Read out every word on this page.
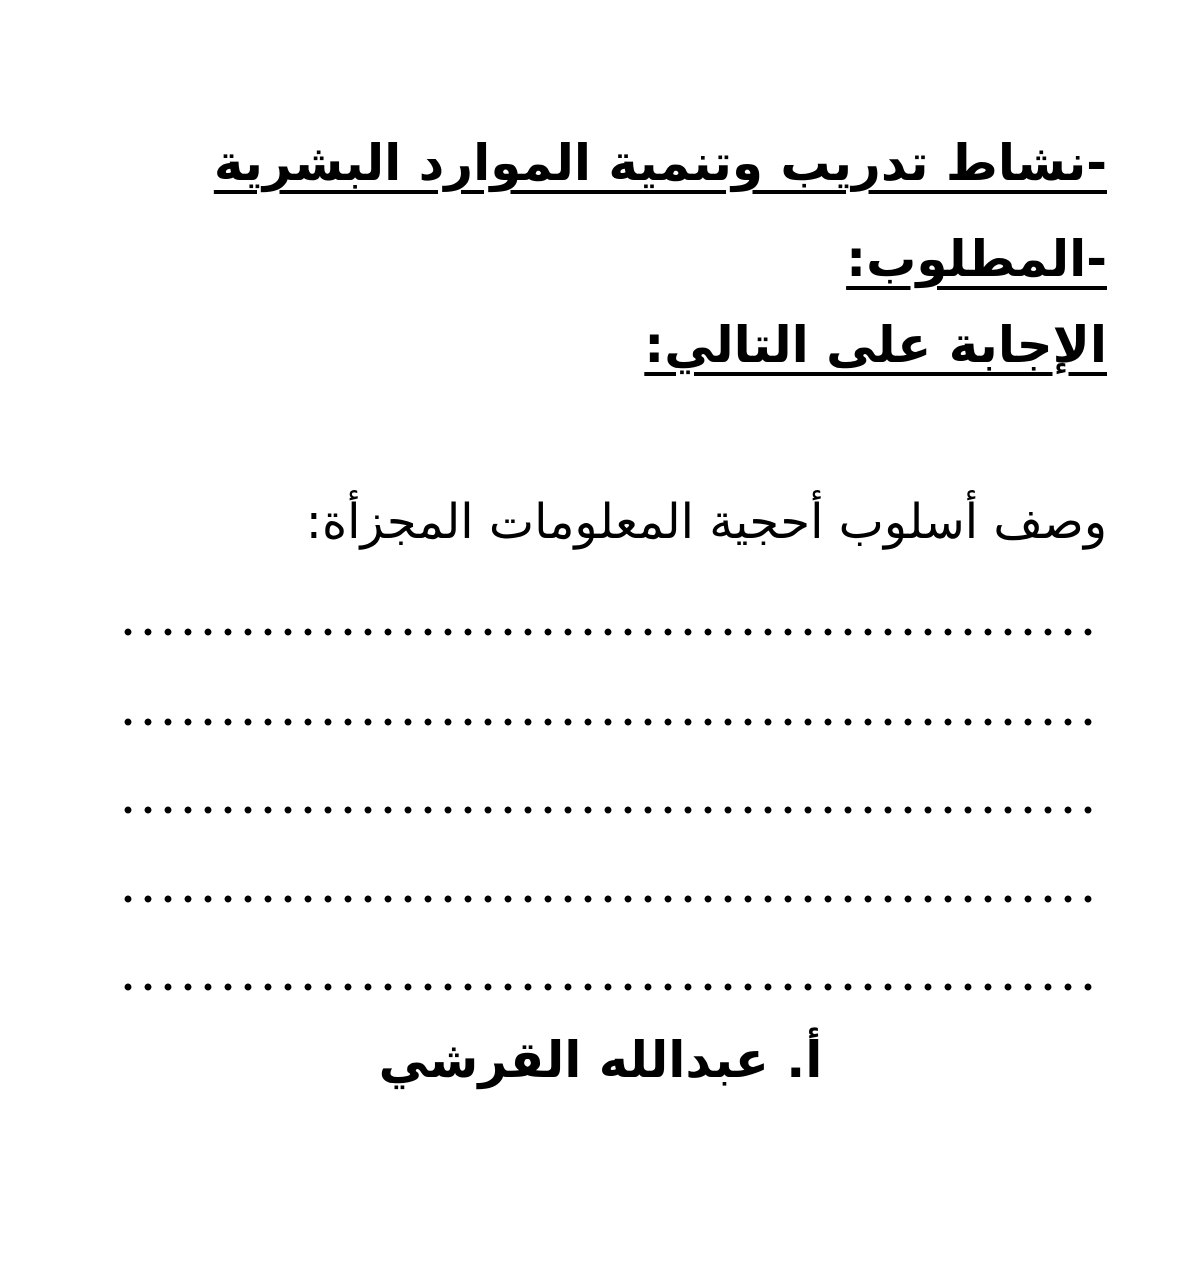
-نشاط تدريب وتنمية الموارد البشرية
-المطلوب:
الإجابة على التالي:
وصف أسلوب أحجية المعلومات المجزأة:
أ. عبدالله القرشي
